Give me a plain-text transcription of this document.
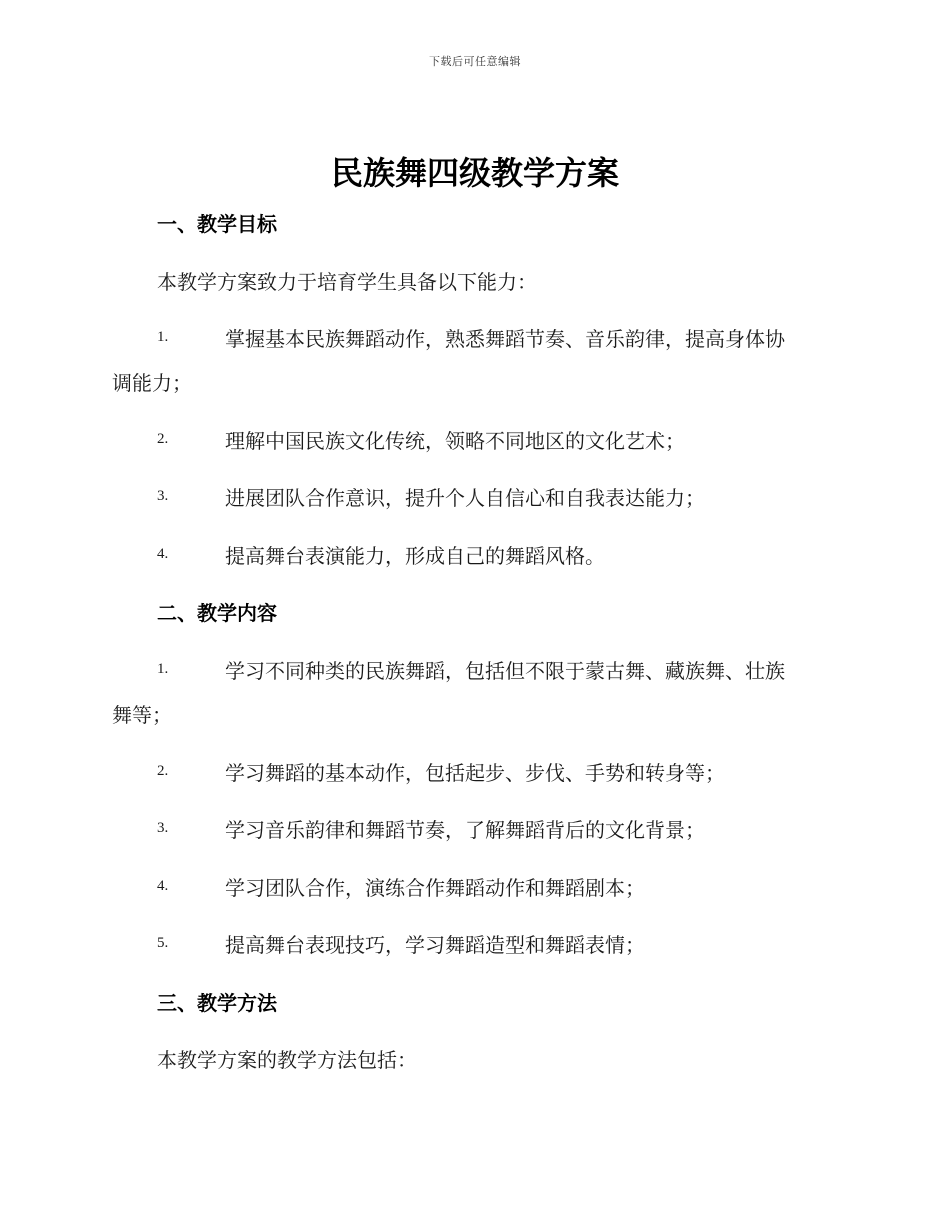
下载后可任意编辑
民族舞四级教学方案
一、教学目标

本教学方案致力于培育学生具备以下能力：

1.	掌握基本民族舞蹈动作，熟悉舞蹈节奏、音乐韵律，提高身体协
调能力；
2.	理解中国民族文化传统，领略不同地区的文化艺术；
3.	进展团队合作意识，提升个人自信心和自我表达能力；
4.	提高舞台表演能力，形成自己的舞蹈风格。
二、教学内容
1.	学习不同种类的民族舞蹈，包括但不限于蒙古舞、藏族舞、壮族
舞等；
2.	学习舞蹈的基本动作，包括起步、步伐、手势和转身等；
3.	学习音乐韵律和舞蹈节奏，了解舞蹈背后的文化背景；
4.	学习团队合作，演练合作舞蹈动作和舞蹈剧本；
5.	提高舞台表现技巧，学习舞蹈造型和舞蹈表情；
三、教学方法

本教学方案的教学方法包括：
